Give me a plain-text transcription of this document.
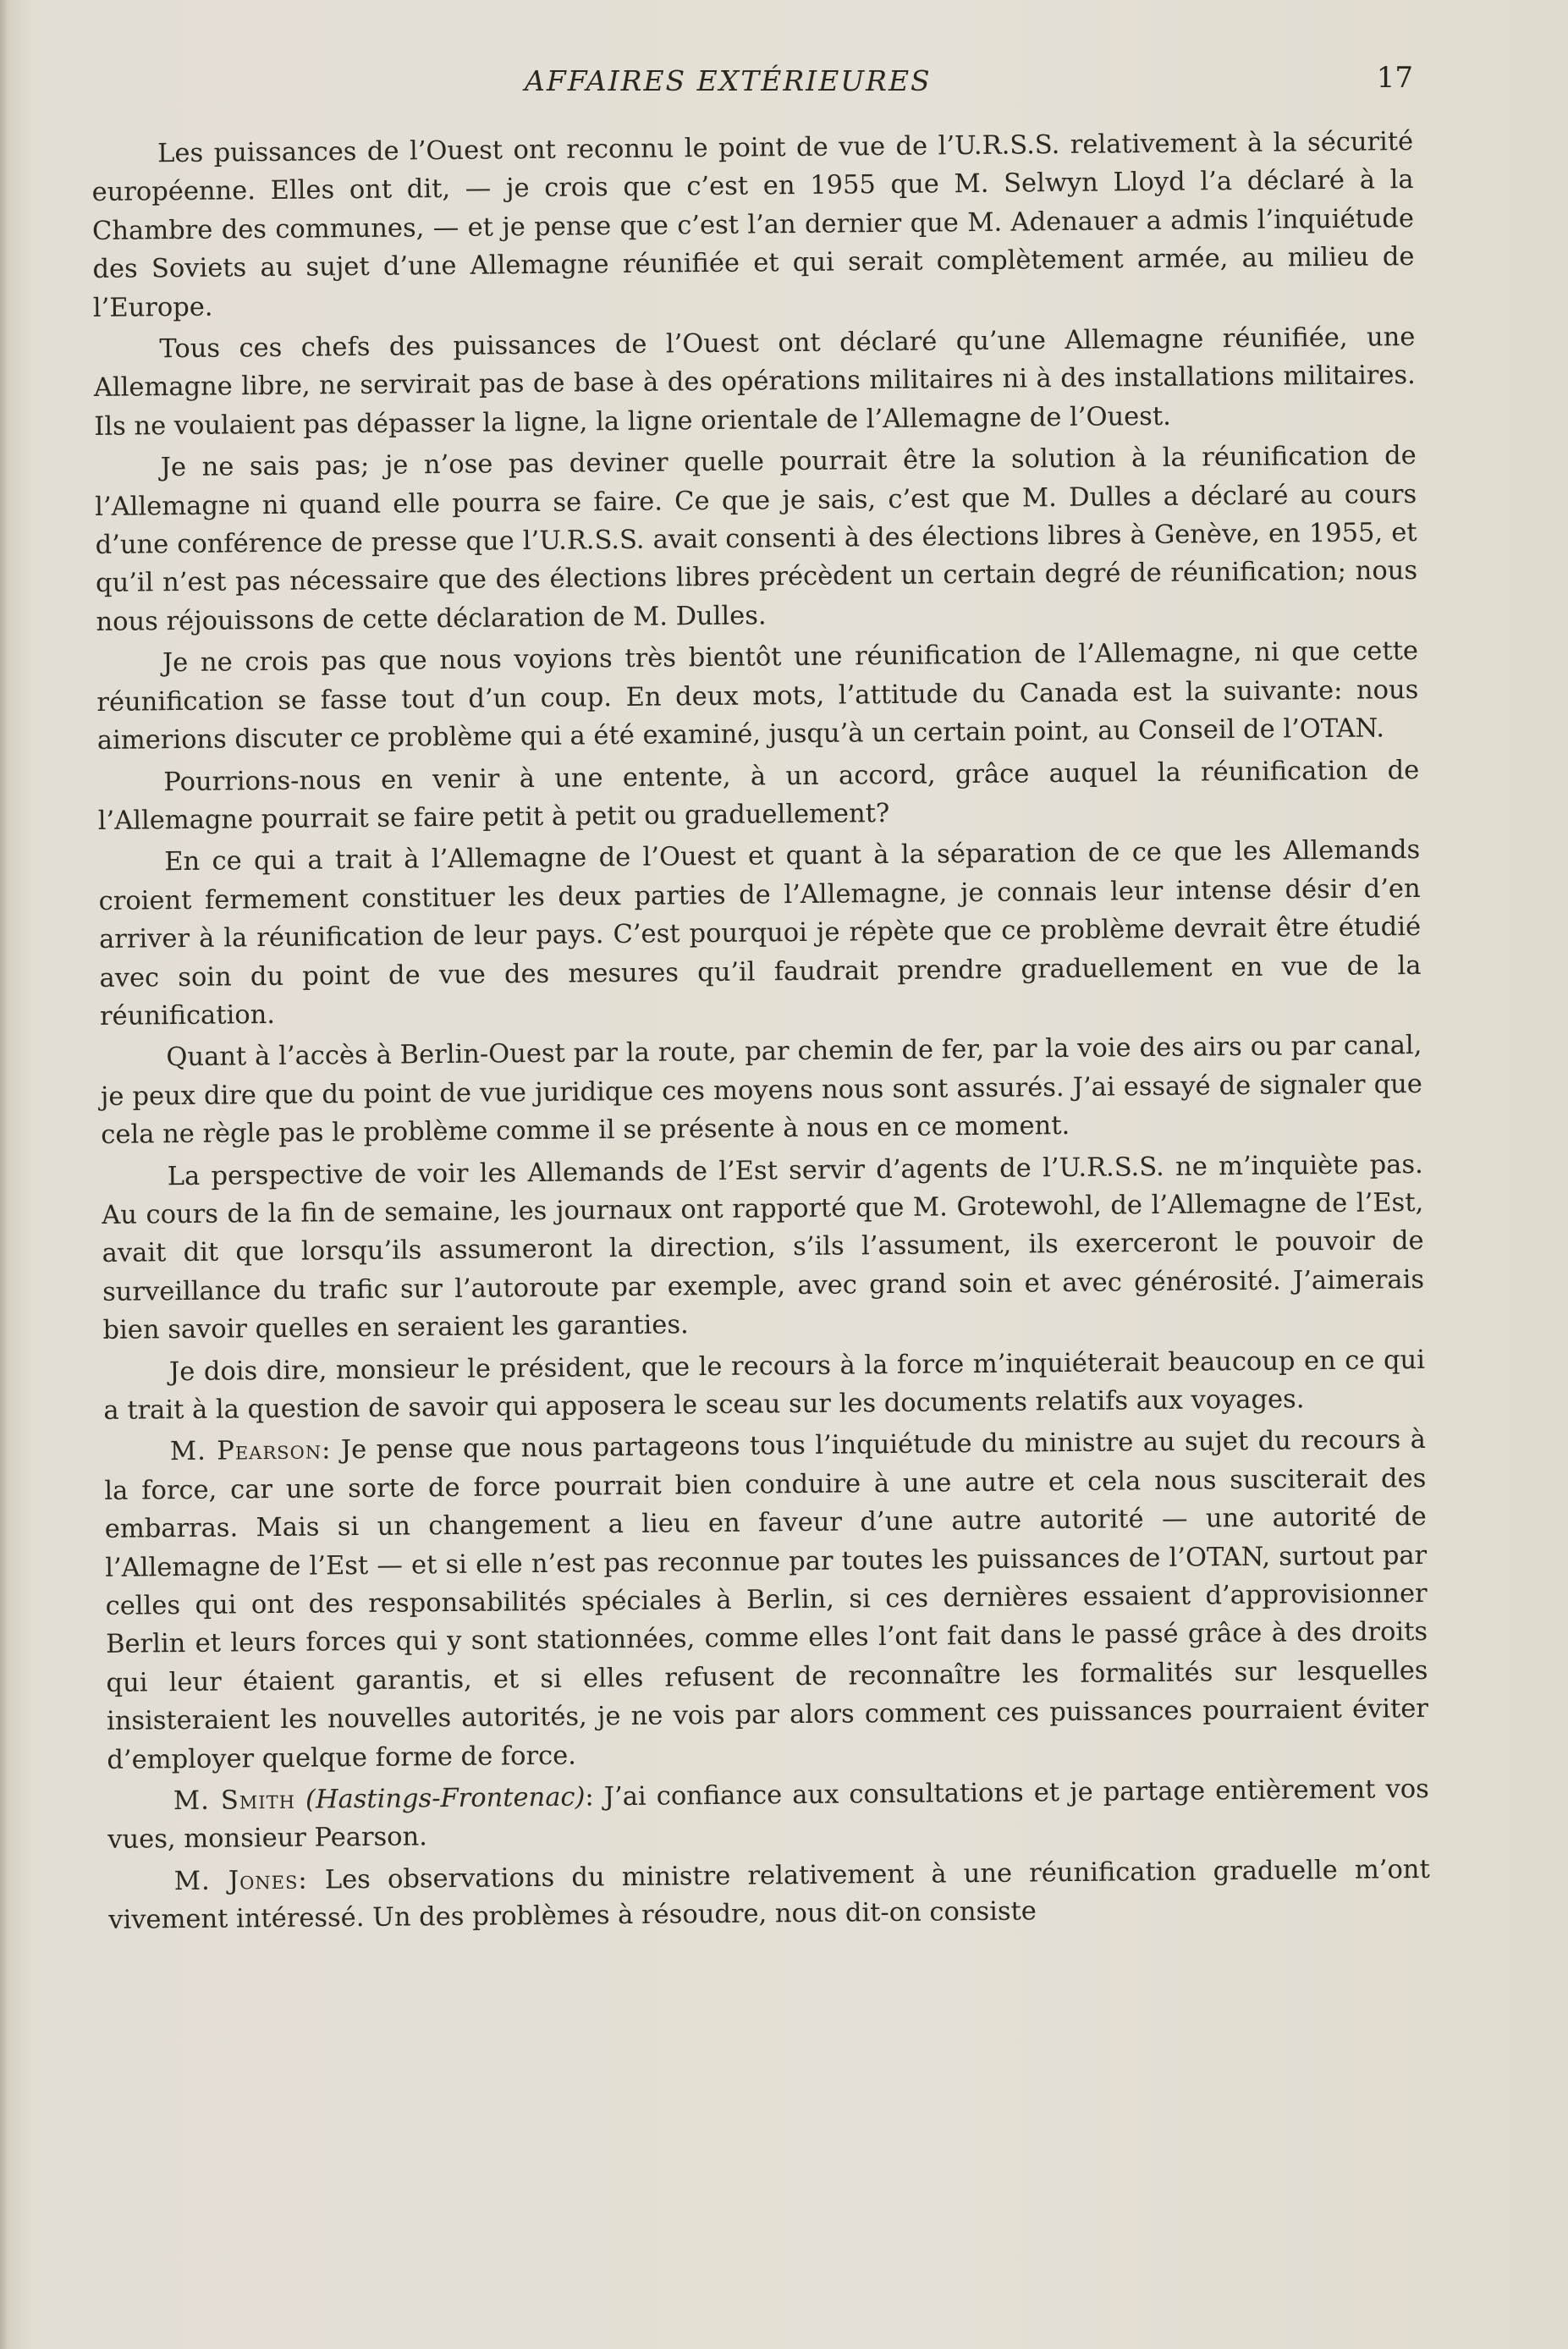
AFFAIRES EXTÉRIEURES	17

Les puissances de l’Ouest ont reconnu le point de vue de l’U.R.S.S. relativement à la sécurité européenne. Elles ont dit, — je crois que c’est en 1955 que M. Selwyn Lloyd l’a déclaré à la Chambre des communes, — et je pense que c’est l’an dernier que M. Adenauer a admis l’inquiétude des Soviets au sujet d’une Allemagne réunifiée et qui serait complètement armée, au milieu de l’Europe.

Tous ces chefs des puissances de l’Ouest ont déclaré qu’une Allemagne réunifiée, une Allemagne libre, ne servirait pas de base à des opérations militaires ni à des installations militaires. Ils ne voulaient pas dépasser la ligne, la ligne orientale de l’Allemagne de l’Ouest.

Je ne sais pas; je n’ose pas deviner quelle pourrait être la solution à la réunification de l’Allemagne ni quand elle pourra se faire. Ce que je sais, c’est que M. Dulles a déclaré au cours d’une conférence de presse que l’U.R.S.S. avait consenti à des élections libres à Genève, en 1955, et qu’il n’est pas nécessaire que des élections libres précèdent un certain degré de réunification; nous nous réjouissons de cette déclaration de M. Dulles.

Je ne crois pas que nous voyions très bientôt une réunification de l’Allemagne, ni que cette réunification se fasse tout d’un coup. En deux mots, l’attitude du Canada est la suivante: nous aimerions discuter ce problème qui a été examiné, jusqu’à un certain point, au Conseil de l’OTAN.

Pourrions-nous en venir à une entente, à un accord, grâce auquel la réunification de l’Allemagne pourrait se faire petit à petit ou graduellement?

En ce qui a trait à l’Allemagne de l’Ouest et quant à la séparation de ce que les Allemands croient fermement constituer les deux parties de l’Allemagne, je connais leur intense désir d’en arriver à la réunification de leur pays. C’est pourquoi je répète que ce problème devrait être étudié avec soin du point de vue des mesures qu’il faudrait prendre graduellement en vue de la réunification.

Quant à l’accès à Berlin-Ouest par la route, par chemin de fer, par la voie des airs ou par canal, je peux dire que du point de vue juridique ces moyens nous sont assurés. J’ai essayé de signaler que cela ne règle pas le problème comme il se présente à nous en ce moment.

La perspective de voir les Allemands de l’Est servir d’agents de l’U.R.S.S. ne m’inquiète pas. Au cours de la fin de semaine, les journaux ont rapporté que M. Grotewohl, de l’Allemagne de l’Est, avait dit que lorsqu’ils assumeront la direction, s’ils l’assument, ils exerceront le pouvoir de surveillance du trafic sur l’autoroute par exemple, avec grand soin et avec générosité. J’aimerais bien savoir quelles en seraient les garanties.

Je dois dire, monsieur le président, que le recours à la force m’inquiéterait beaucoup en ce qui a trait à la question de savoir qui apposera le sceau sur les documents relatifs aux voyages.

M. Pearson: Je pense que nous partageons tous l’inquiétude du ministre au sujet du recours à la force, car une sorte de force pourrait bien conduire à une autre et cela nous susciterait des embarras. Mais si un changement a lieu en faveur d’une autre autorité — une autorité de l’Allemagne de l’Est — et si elle n’est pas reconnue par toutes les puissances de l’OTAN, surtout par celles qui ont des responsabilités spéciales à Berlin, si ces dernières essaient d’approvisionner Berlin et leurs forces qui y sont stationnées, comme elles l’ont fait dans le passé grâce à des droits qui leur étaient garantis, et si elles refusent de reconnaître les formalités sur lesquelles insisteraient les nouvelles autorités, je ne vois par alors comment ces puissances pourraient éviter d’employer quelque forme de force.

M. Smith (Hastings-Frontenac): J’ai confiance aux consultations et je partage entièrement vos vues, monsieur Pearson.

M. Jones: Les observations du ministre relativement à une réunification graduelle m’ont vivement intéressé. Un des problèmes à résoudre, nous dit-on consiste
